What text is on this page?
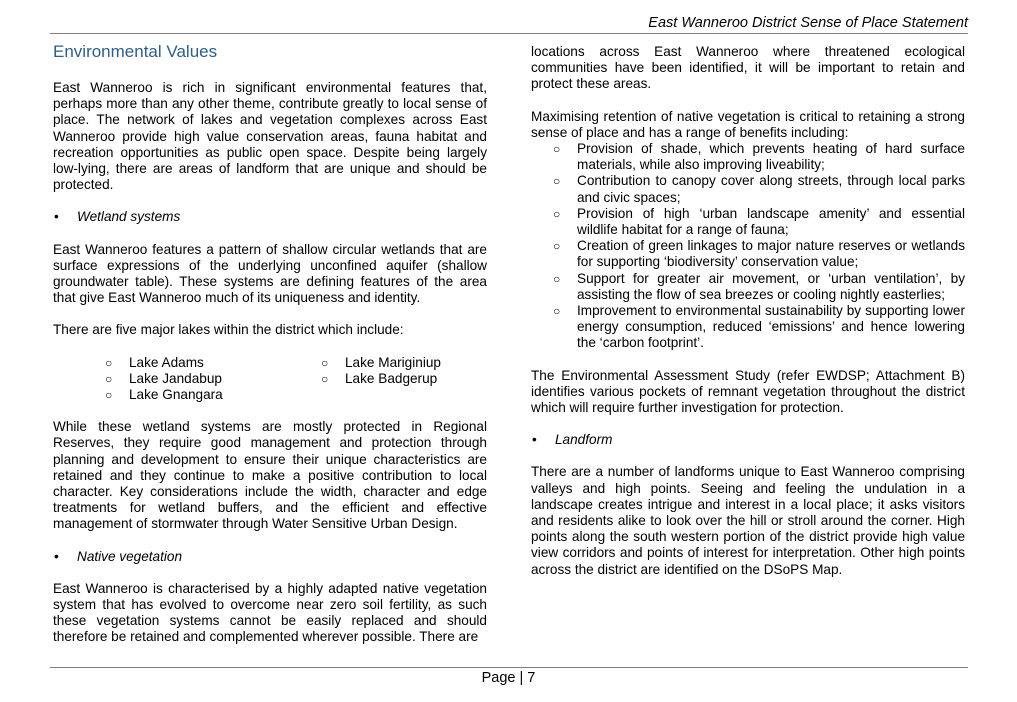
East Wanneroo District Sense of Place Statement
Environmental Values

East Wanneroo is rich in significant environmental features that, perhaps more than any other theme, contribute greatly to local sense of place. The network of lakes and vegetation complexes across East Wanneroo provide high value conservation areas, fauna habitat and recreation opportunities as public open space. Despite being largely low-lying, there are areas of landform that are unique and should be protected.

•	Wetland systems

East Wanneroo features a pattern of shallow circular wetlands that are surface expressions of the underlying unconfined aquifer (shallow groundwater table). These systems are defining features of the area that give East Wanneroo much of its uniqueness and identity.

There are five major lakes within the district which include:

○	Lake Adams	○	Lake Mariginiup
○	Lake Jandabup	○	Lake Badgerup
○	Lake Gnangara

While these wetland systems are mostly protected in Regional Reserves, they require good management and protection through planning and development to ensure their unique characteristics are retained and they continue to make a positive contribution to local character. Key considerations include the width, character and edge treatments for wetland buffers, and the efficient and effective management of stormwater through Water Sensitive Urban Design.

•	Native vegetation

East Wanneroo is characterised by a highly adapted native vegetation system that has evolved to overcome near zero soil fertility, as such these vegetation systems cannot be easily replaced and should therefore be retained and complemented wherever possible. There are

locations across East Wanneroo where threatened ecological communities have been identified, it will be important to retain and protect these areas.

Maximising retention of native vegetation is critical to retaining a strong sense of place and has a range of benefits including:

○	Provision of shade, which prevents heating of hard surface materials, while also improving liveability;
○	Contribution to canopy cover along streets, through local parks and civic spaces;
○	Provision of high ‘urban landscape amenity’ and essential wildlife habitat for a range of fauna;
○	Creation of green linkages to major nature reserves or wetlands for supporting ‘biodiversity’ conservation value;
○	Support for greater air movement, or ‘urban ventilation’, by assisting the flow of sea breezes or cooling nightly easterlies;
○	Improvement to environmental sustainability by supporting lower energy consumption, reduced ‘emissions’ and hence lowering the ‘carbon footprint’.

The Environmental Assessment Study (refer EWDSP; Attachment B) identifies various pockets of remnant vegetation throughout the district which will require further investigation for protection.

•	Landform

There are a number of landforms unique to East Wanneroo comprising valleys and high points. Seeing and feeling the undulation in a landscape creates intrigue and interest in a local place; it asks visitors and residents alike to look over the hill or stroll around the corner. High points along the south western portion of the district provide high value view corridors and points of interest for interpretation. Other high points across the district are identified on the DSoPS Map.

Page | 7
